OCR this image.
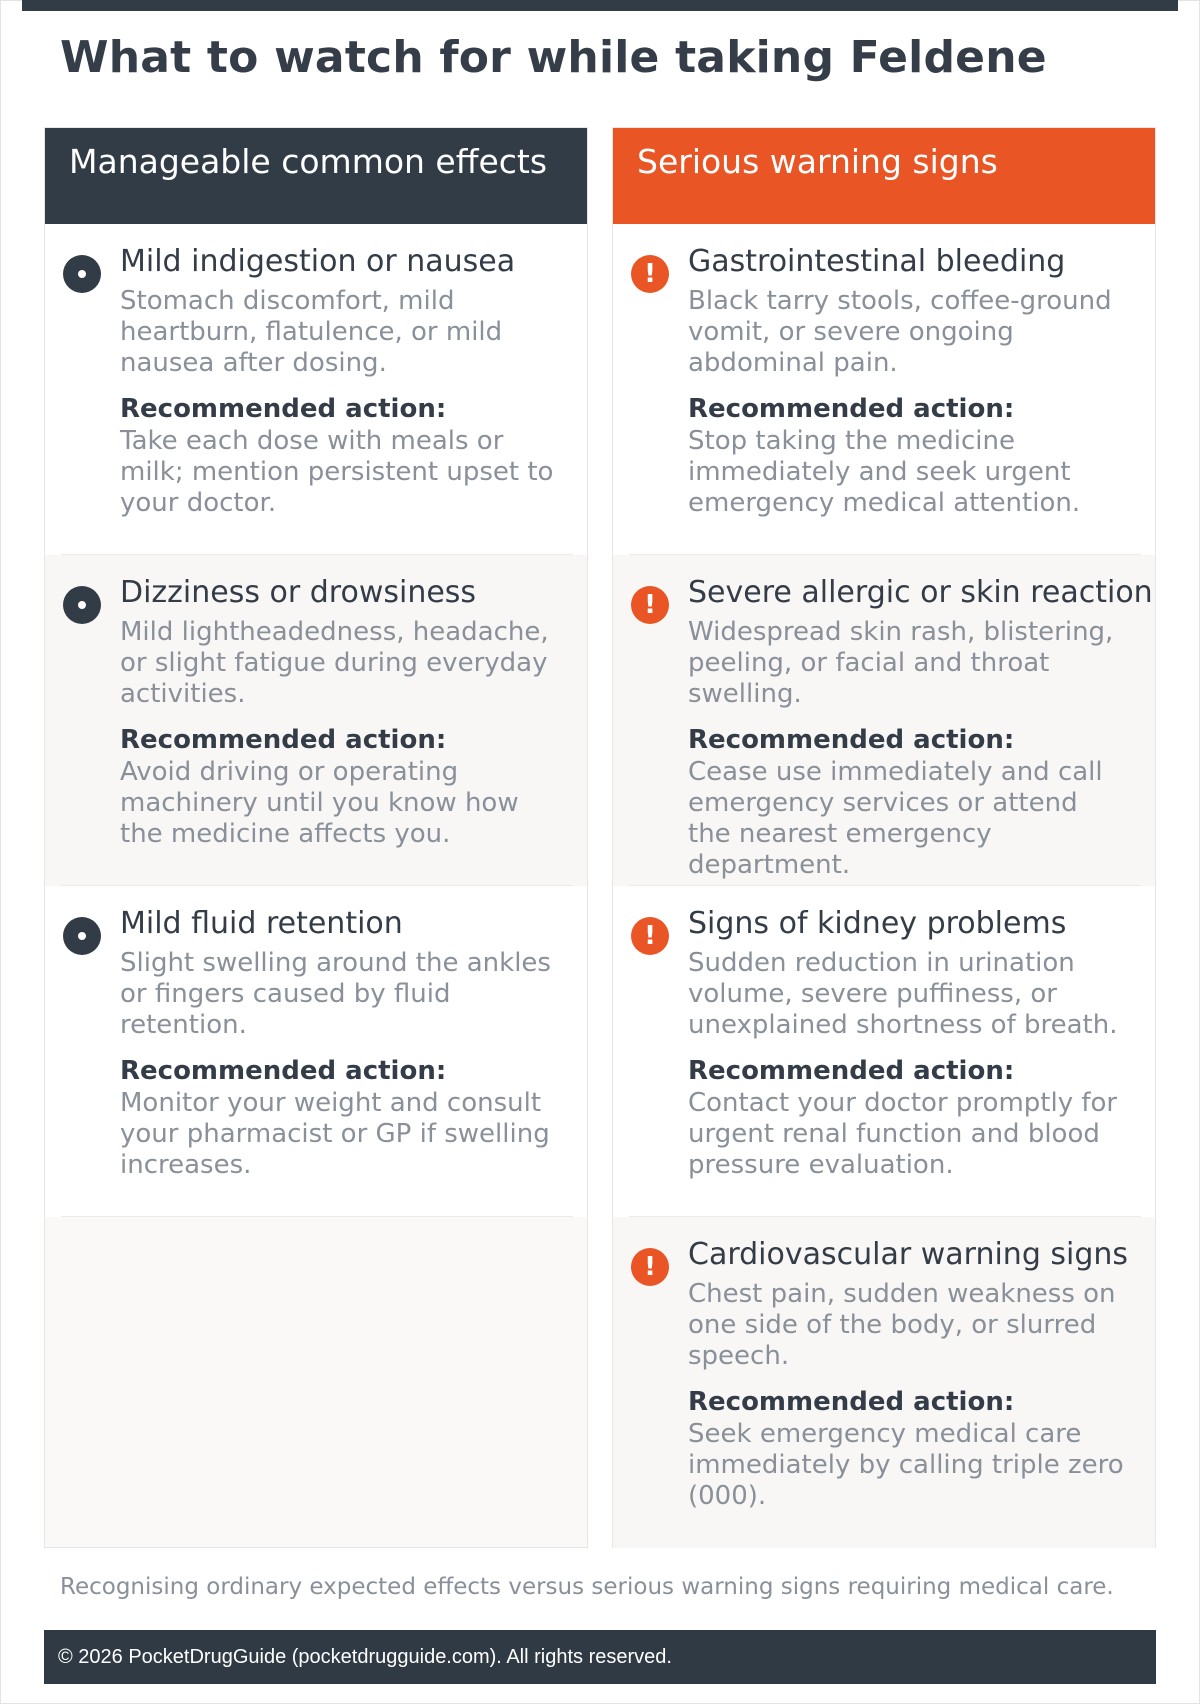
What to watch for while taking Feldene
Manageable common effects
Mild indigestion or nausea
Stomach discomfort, mild heartburn, flatulence, or mild nausea after dosing.
Recommended action:
Take each dose with meals or milk; mention persistent upset to your doctor.
Dizziness or drowsiness
Mild lightheadedness, headache, or slight fatigue during everyday activities.
Recommended action:
Avoid driving or operating machinery until you know how the medicine affects you.
Mild fluid retention
Slight swelling around the ankles or fingers caused by fluid retention.
Recommended action:
Monitor your weight and consult your pharmacist or GP if swelling increases.
Serious warning signs
!	Gastrointestinal bleeding
Black tarry stools, coffee-ground vomit, or severe ongoing abdominal pain.
Recommended action:
Stop taking the medicine immediately and seek urgent emergency medical attention.
!	Severe allergic or skin reaction
Widespread skin rash, blistering, peeling, or facial and throat swelling.
Recommended action:
Cease use immediately and call emergency services or attend the nearest emergency department.
!	Signs of kidney problems
Sudden reduction in urination volume, severe puffiness, or unexplained shortness of breath.
Recommended action:
Contact your doctor promptly for urgent renal function and blood pressure evaluation.
!	Cardiovascular warning signs
Chest pain, sudden weakness on one side of the body, or slurred speech.
Recommended action:
Seek emergency medical care immediately by calling triple zero (000).

Recognising ordinary expected effects versus serious warning signs requiring medical care.

© 2026 PocketDrugGuide (pocketdrugguide.com). All rights reserved.
